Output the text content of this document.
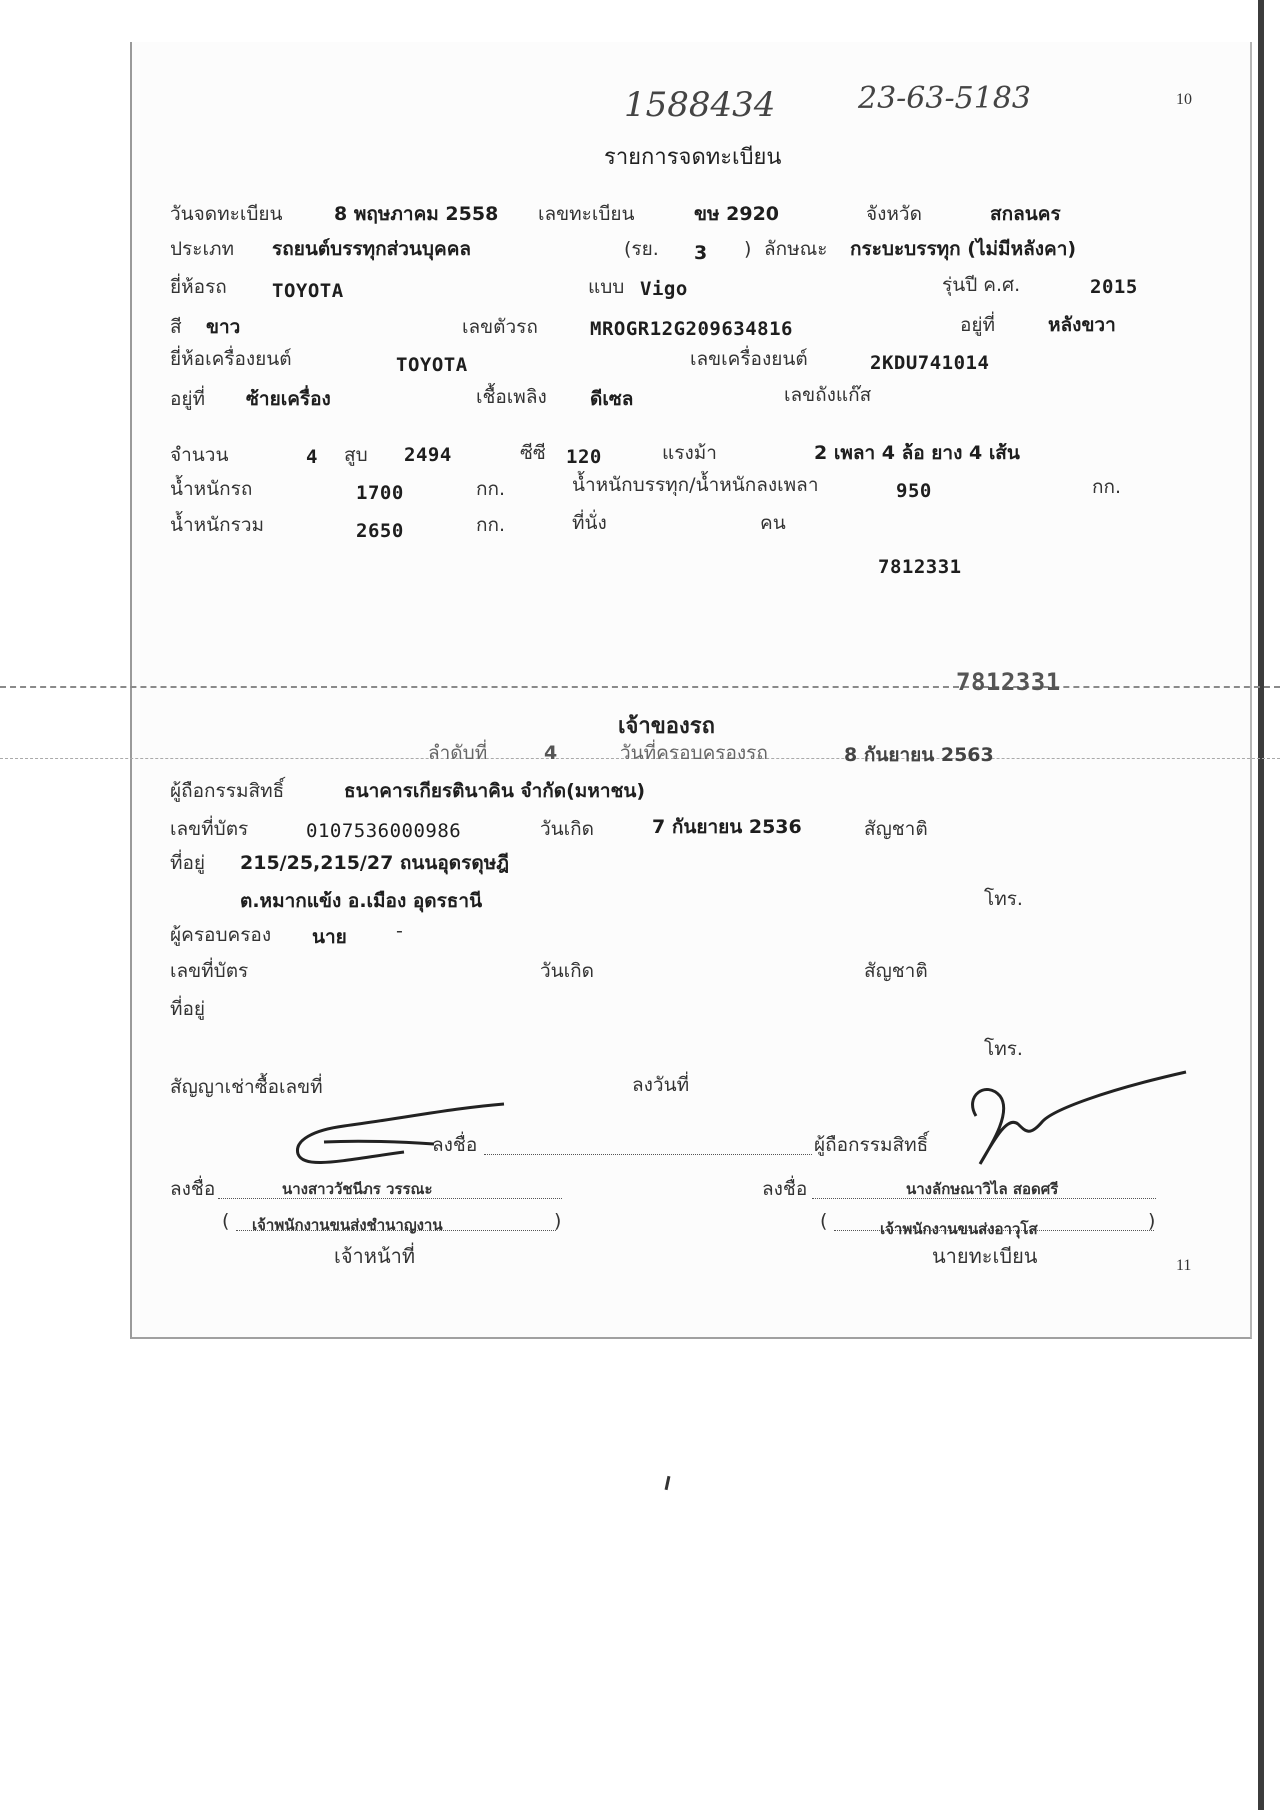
1588434	23-63-5183	10
รายการจดทะเบียน
วันจดทะเบียน	8 พฤษภาคม 2558 เลขทะเบียน	ขษ 2920	จังหวัด	สกลนคร
ประเภท รถยนต์บรรทุกส่วนบุคคล	(รย. 3 ) ลักษณะ กระบะบรรทุก (ไม่มีหลังคา)
ยี่ห้อรถ TOYOTA	แบบ Vigo	รุ่นปี ค.ศ.	2015
สี ขาว	เลขตัวรถ	MROGR12G209634816	อยู่ที่	หลังขวา
ยี่ห้อเครื่องยนต์	TOYOTA	เลขเครื่องยนต์	2KDU741014
อยู่ที่ ซ้ายเครื่อง	เชื้อเพลิง ดีเซล	เลขถังแก๊ส
จำนวน	4 สูบ 2494	ซีซี 120	แรงม้า	2 เพลา 4 ล้อ ยาง 4 เส้น
น้ำหนักรถ	1700	กก.	น้ำหนักบรรทุก/น้ำหนักลงเพลา	950	กก.
น้ำหนักรวม	2650	กก.	ที่นั่ง	คน
7812331
7812331
เจ้าของรถ
ลำดับที่	4	วันที่ครอบครองรถ	8 กันยายน 2563
ผู้ถือกรรมสิทธิ์	ธนาคารเกียรตินาคิน จำกัด(มหาชน)
เลขที่บัตร	0107536000986	วันเกิด	7 กันยายน 2536	สัญชาติ
ที่อยู่ 215/25,215/27 ถนนอุดรดุษฎี
ต.หมากแข้ง อ.เมือง อุดรธานี	โทร.
ผู้ครอบครอง นาย	-
เลขที่บัตร	วันเกิด	สัญชาติ
ที่อยู่
โทร.
สัญญาเช่าซื้อเลขที่	ลงวันที่
ลงชื่อ	ผู้ถือกรรมสิทธิ์
ลงชื่อ	นางสาววัชนีภร วรรณะ	ลงชื่อ	นางลักษณาวิไล สอดศรี
( เจ้าพนักงานขนส่งชำนาญงาน	)	(	เจ้าพนักงานขนส่งอาวุโส	)
เจ้าหน้าที่	นายทะเบียน	11
